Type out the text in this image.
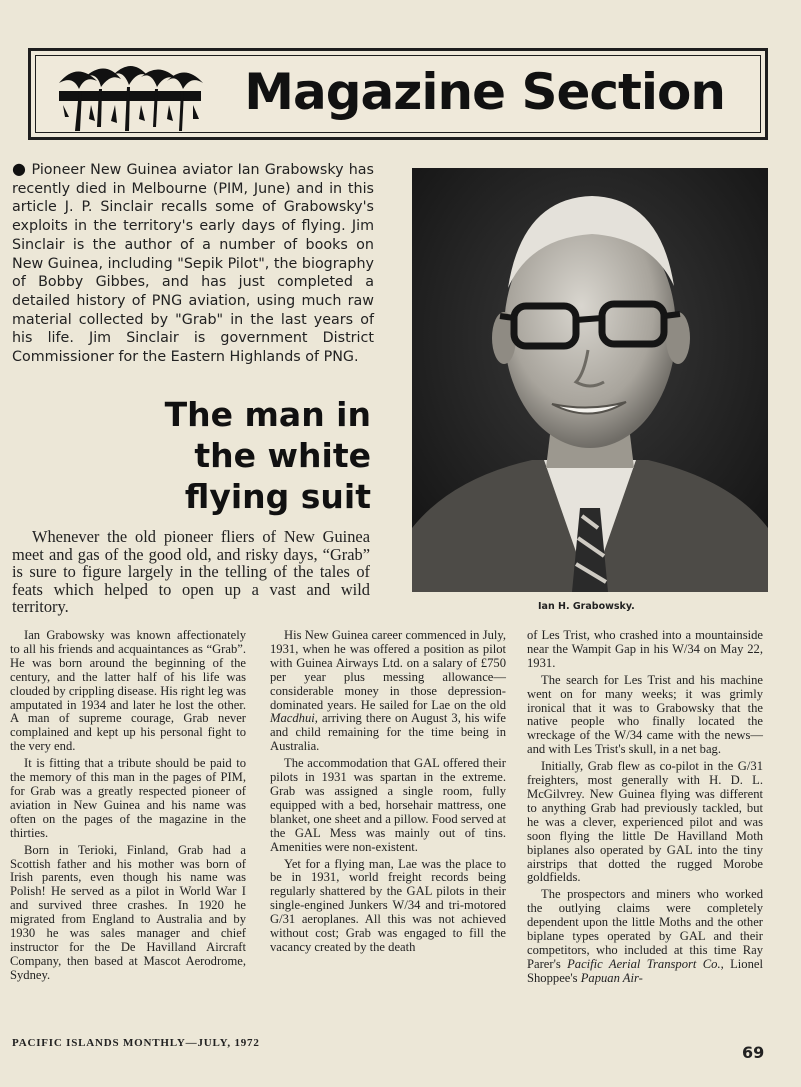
Magazine Section
● Pioneer New Guinea aviator Ian Grabowsky has recently died in Melbourne (PIM, June) and in this article J. P. Sinclair recalls some of Grabowsky's exploits in the territory's early days of flying. Jim Sinclair is the author of a number of books on New Guinea, including "Sepik Pilot", the biography of Bobby Gibbes, and has just completed a detailed history of PNG aviation, using much raw material collected by "Grab" in the last years of his life. Jim Sinclair is government District Commissioner for the Eastern Highlands of PNG.
Ian H. Grabowsky.
The man in
the white
flying suit

Whenever the old pioneer fliers of New Guinea meet and gas of the good old, and risky days, “Grab” is sure to figure largely in the telling of the tales of feats which helped to open up a vast and wild territory.

Ian Grabowsky was known affectionately to all his friends and acquaintances as “Grab”. He was born around the beginning of the century, and the latter half of his life was clouded by crippling disease. His right leg was amputated in 1934 and later he lost the other. A man of supreme courage, Grab never complained and kept up his personal fight to the very end.

It is fitting that a tribute should be paid to the memory of this man in the pages of PIM, for Grab was a greatly respected pioneer of aviation in New Guinea and his name was often on the pages of the magazine in the thirties.

Born in Terioki, Finland, Grab had a Scottish father and his mother was born of Irish parents, even though his name was Polish! He served as a pilot in World War I and survived three crashes. In 1920 he migrated from England to Australia and by 1930 he was sales manager and chief instructor for the De Havilland Aircraft Company, then based at Mascot Aerodrome, Sydney.

His New Guinea career commenced in July, 1931, when he was offered a position as pilot with Guinea Airways Ltd. on a salary of £750 per year plus messing allowance—considerable money in those depression-dominated years. He sailed for Lae on the old Macdhui, arriving there on August 3, his wife and child remaining for the time being in Australia.

The accommodation that GAL offered their pilots in 1931 was spartan in the extreme. Grab was assigned a single room, fully equipped with a bed, horsehair mattress, one blanket, one sheet and a pillow. Food served at the GAL Mess was mainly out of tins. Amenities were non-existent.

Yet for a flying man, Lae was the place to be in 1931, world freight records being regularly shattered by the GAL pilots in their single-engined Junkers W/34 and tri-motored G/31 aeroplanes. All this was not achieved without cost; Grab was engaged to fill the vacancy created by the death

of Les Trist, who crashed into a mountainside near the Wampit Gap in his W/34 on May 22, 1931.

The search for Les Trist and his machine went on for many weeks; it was grimly ironical that it was to Grabowsky that the native people who finally located the wreckage of the W/34 came with the news—and with Les Trist's skull, in a net bag.

Initially, Grab flew as co-pilot in the G/31 freighters, most generally with H. D. L. McGilvrey. New Guinea flying was different to anything Grab had previously tackled, but he was a clever, experienced pilot and was soon flying the little De Havilland Moth biplanes also operated by GAL into the tiny airstrips that dotted the rugged Morobe goldfields.

The prospectors and miners who worked the outlying claims were completely dependent upon the little Moths and the other biplane types operated by GAL and their competitors, who included at this time Ray Parer's Pacific Aerial Transport Co., Lionel Shoppee's Papuan Air-

PACIFIC ISLANDS MONTHLY—JULY, 1972	69
